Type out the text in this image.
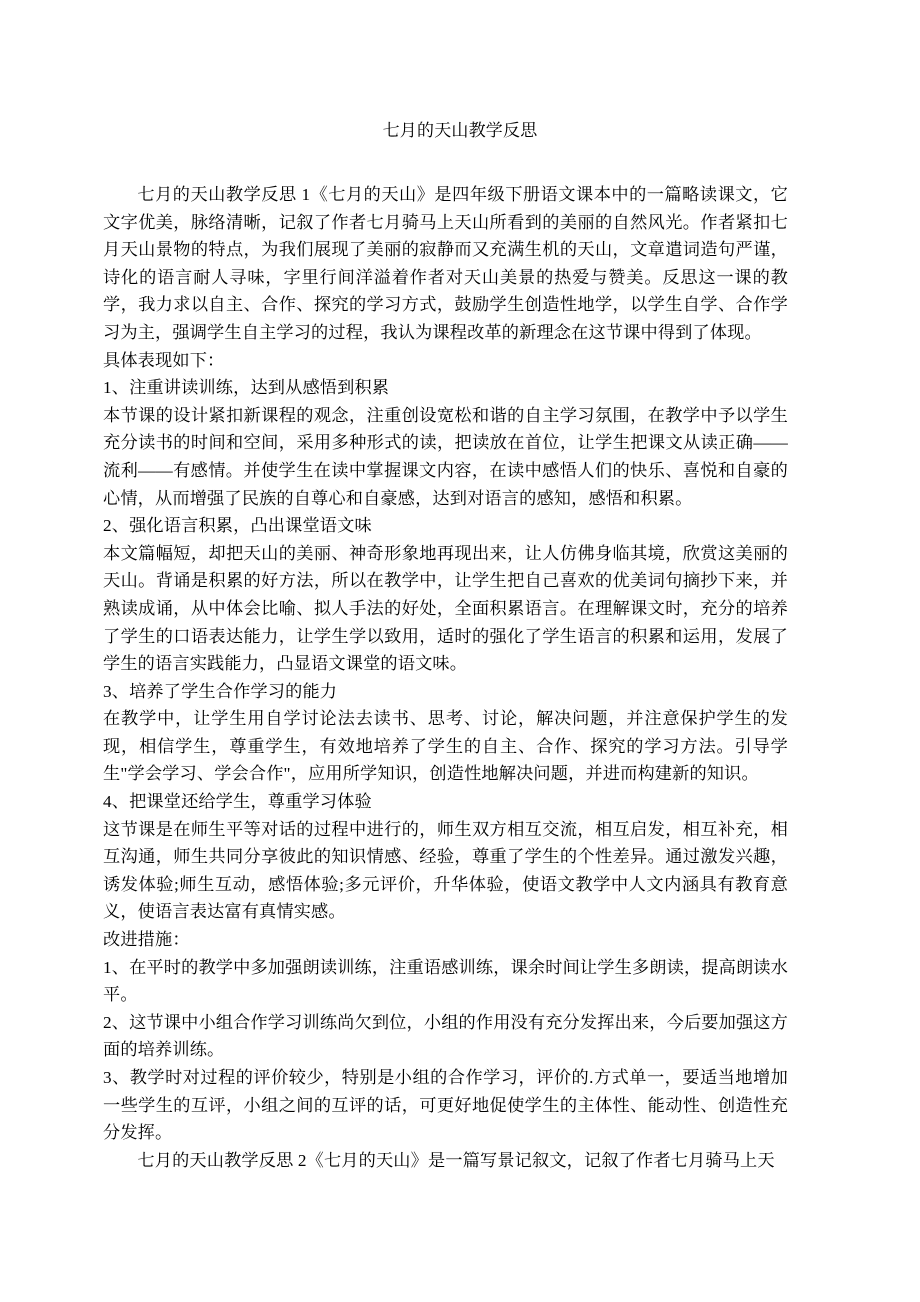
七月的天山教学反思

七月的天山教学反思 1《七月的天山》是四年级下册语文课本中的一篇略读课文，它文字优美，脉络清晰，记叙了作者七月骑马上天山所看到的美丽的自然风光。作者紧扣七月天山景物的特点，为我们展现了美丽的寂静而又充满生机的天山，文章遣词造句严谨，诗化的语言耐人寻味，字里行间洋溢着作者对天山美景的热爱与赞美。反思这一课的教学，我力求以自主、合作、探究的学习方式，鼓励学生创造性地学，以学生自学、合作学习为主，强调学生自主学习的过程，我认为课程改革的新理念在这节课中得到了体现。

具体表现如下：

1、注重讲读训练，达到从感悟到积累

本节课的设计紧扣新课程的观念，注重创设宽松和谐的自主学习氛围，在教学中予以学生充分读书的时间和空间，采用多种形式的读，把读放在首位，让学生把课文从读正确――流利――有感情。并使学生在读中掌握课文内容，在读中感悟人们的快乐、喜悦和自豪的心情，从而增强了民族的自尊心和自豪感，达到对语言的感知，感悟和积累。

2、强化语言积累，凸出课堂语文味

本文篇幅短，却把天山的美丽、神奇形象地再现出来，让人仿佛身临其境，欣赏这美丽的天山。背诵是积累的好方法，所以在教学中，让学生把自己喜欢的优美词句摘抄下来，并熟读成诵，从中体会比喻、拟人手法的好处，全面积累语言。在理解课文时，充分的培养了学生的口语表达能力，让学生学以致用，适时的强化了学生语言的积累和运用，发展了学生的语言实践能力，凸显语文课堂的语文味。

3、培养了学生合作学习的能力

在教学中，让学生用自学讨论法去读书、思考、讨论，解决问题，并注意保护学生的发现，相信学生，尊重学生，有效地培养了学生的自主、合作、探究的学习方法。引导学生"学会学习、学会合作"，应用所学知识，创造性地解决问题，并进而构建新的知识。

4、把课堂还给学生，尊重学习体验

这节课是在师生平等对话的过程中进行的，师生双方相互交流，相互启发，相互补充，相互沟通，师生共同分享彼此的知识情感、经验，尊重了学生的个性差异。通过激发兴趣，诱发体验;师生互动，感悟体验;多元评价，升华体验，使语文教学中人文内涵具有教育意义，使语言表达富有真情实感。

改进措施：

1、在平时的教学中多加强朗读训练，注重语感训练，课余时间让学生多朗读，提高朗读水平。

2、这节课中小组合作学习训练尚欠到位，小组的作用没有充分发挥出来，今后要加强这方面的培养训练。

3、教学时对过程的评价较少，特别是小组的合作学习，评价的.方式单一，要适当地增加一些学生的互评，小组之间的互评的话，可更好地促使学生的主体性、能动性、创造性充分发挥。

七月的天山教学反思 2《七月的天山》是一篇写景记叙文，记叙了作者七月骑马上天
